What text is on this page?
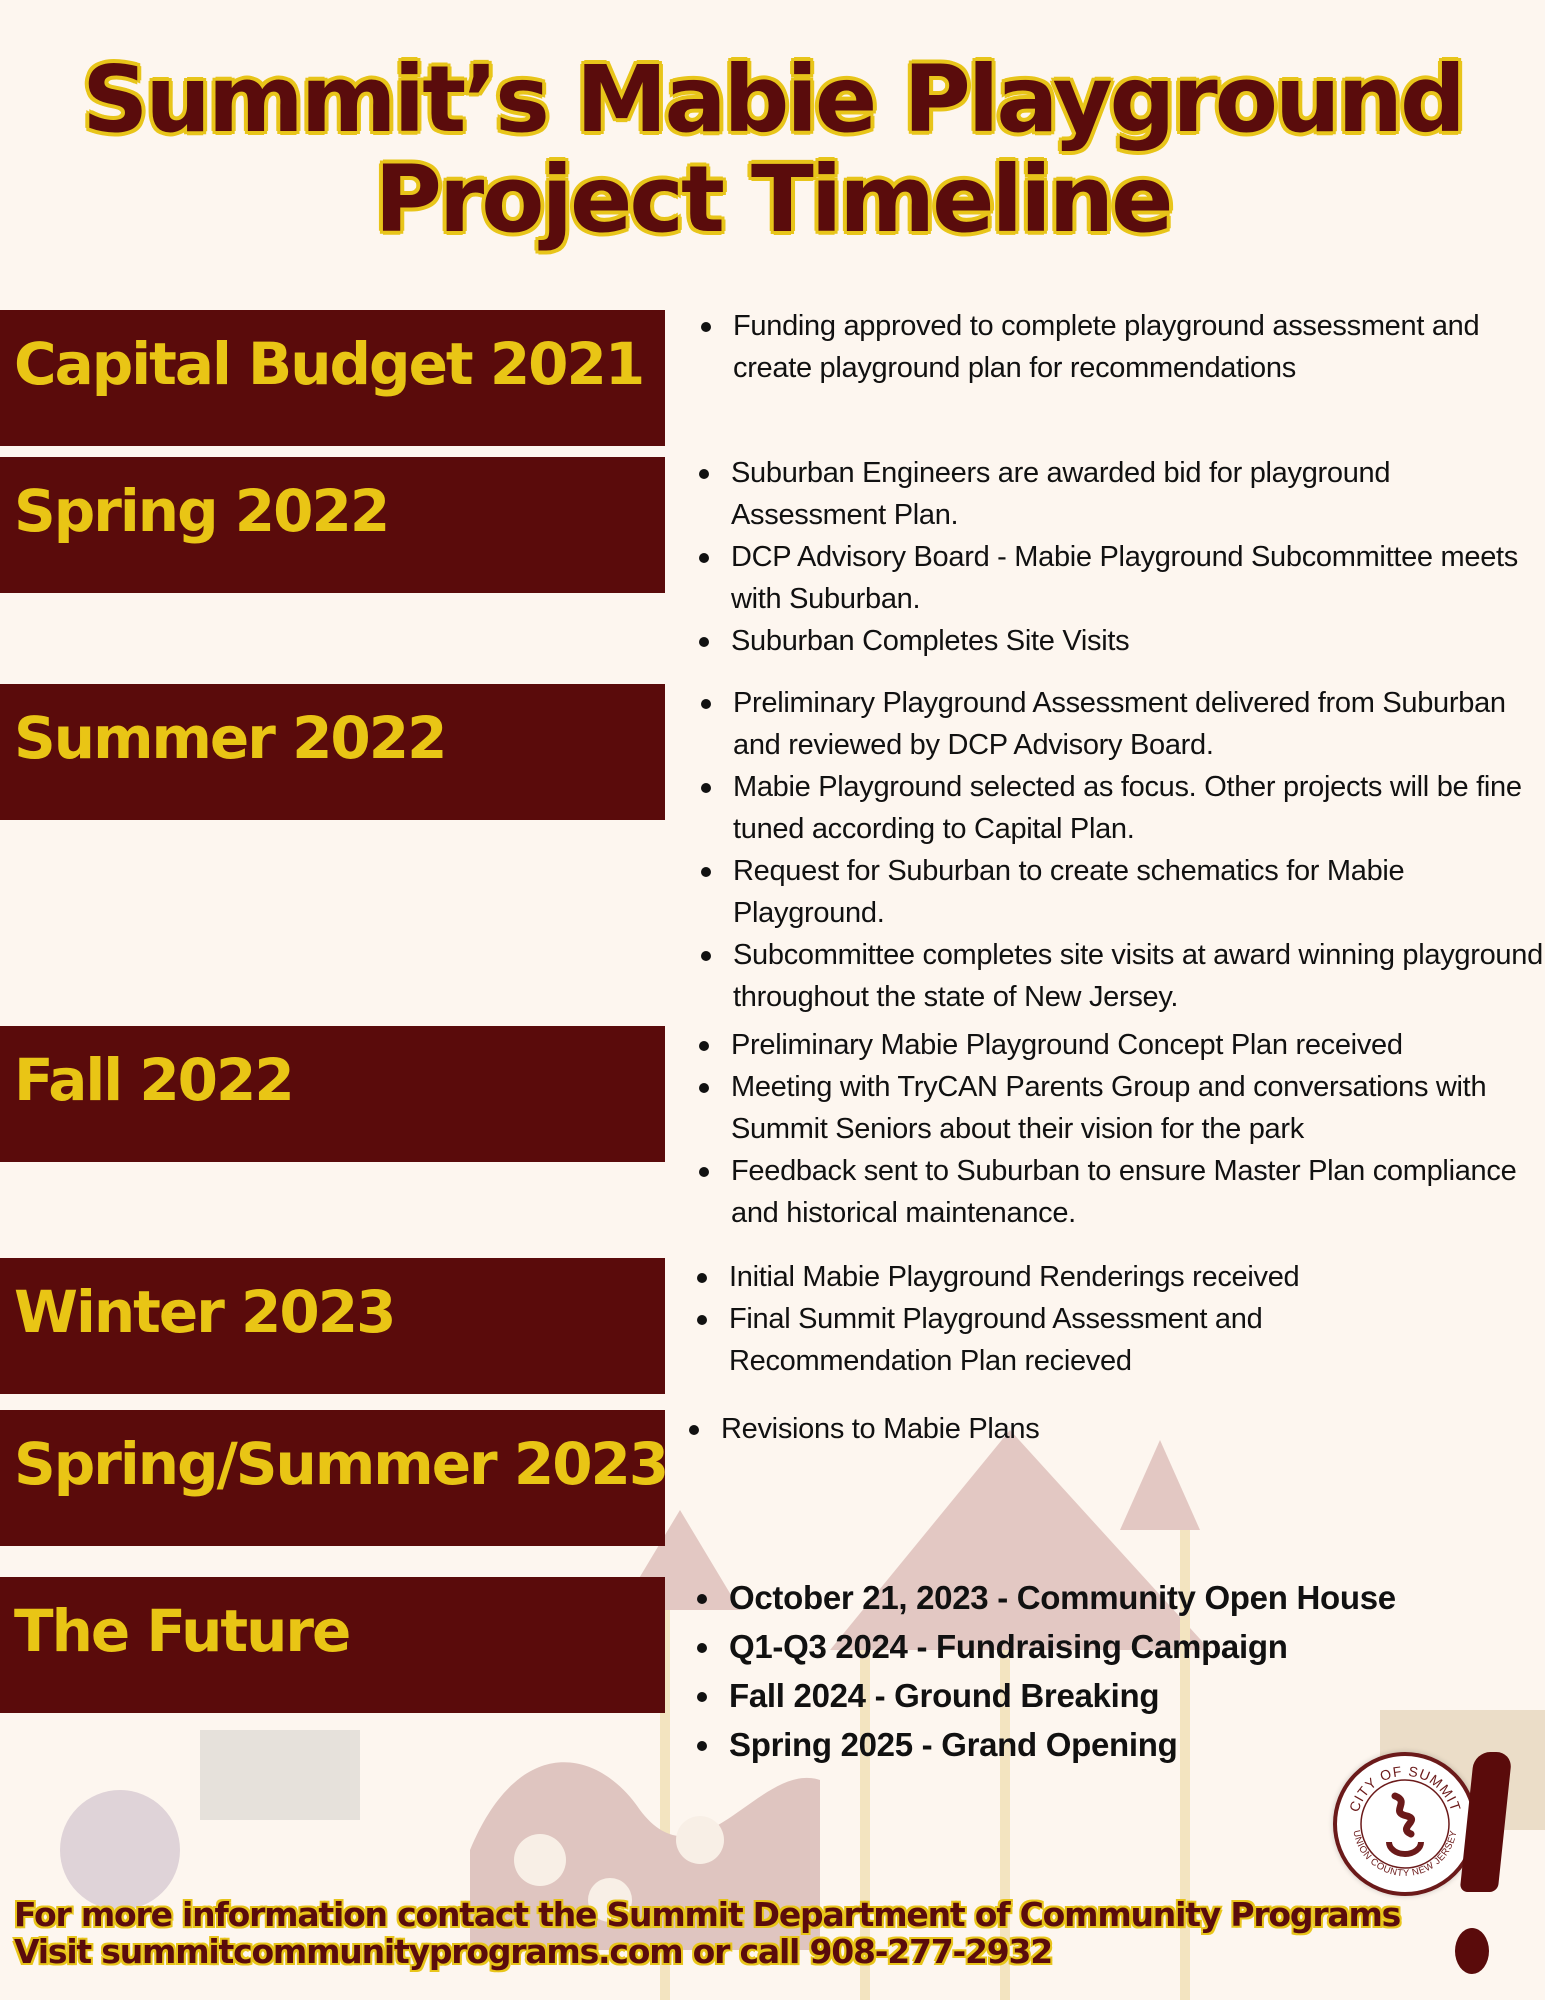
Summit’s Mabie Playground
Project Timeline
Capital Budget 2021
Funding approved to complete playground assessment and create playground plan for recommendations
Spring 2022
Suburban Engineers are awarded bid for playground Assessment Plan.
DCP Advisory Board - Mabie Playground Subcommittee meets with Suburban.
Suburban Completes Site Visits
Summer 2022
Preliminary Playground Assessment delivered from Suburban and reviewed by DCP Advisory Board.
Mabie Playground selected as focus. Other projects will be fine tuned according to Capital Plan.
Request for Suburban to create schematics for Mabie Playground.
Subcommittee completes site visits at award winning playground throughout the state of New Jersey.
Fall 2022
Preliminary Mabie Playground Concept Plan received
Meeting with TryCAN Parents Group and conversations with Summit Seniors about their vision for the park
Feedback sent to Suburban to ensure Master Plan compliance and historical maintenance.
Winter 2023
Initial Mabie Playground Renderings received
Final Summit Playground Assessment and Recommendation Plan recieved
Spring/Summer 2023
Revisions to Mabie Plans
The Future	October 21, 2023 - Community Open House
Q1-Q3 2024 - Fundraising Campaign
Fall 2024 - Ground Breaking
Spring 2025 - Grand Opening
CITY OF SUMMIT
UNION COUNTY NEW JERSEY
For more information contact the Summit Department of Community Programs
Visit summitcommunityprograms.com or call 908-277-2932
